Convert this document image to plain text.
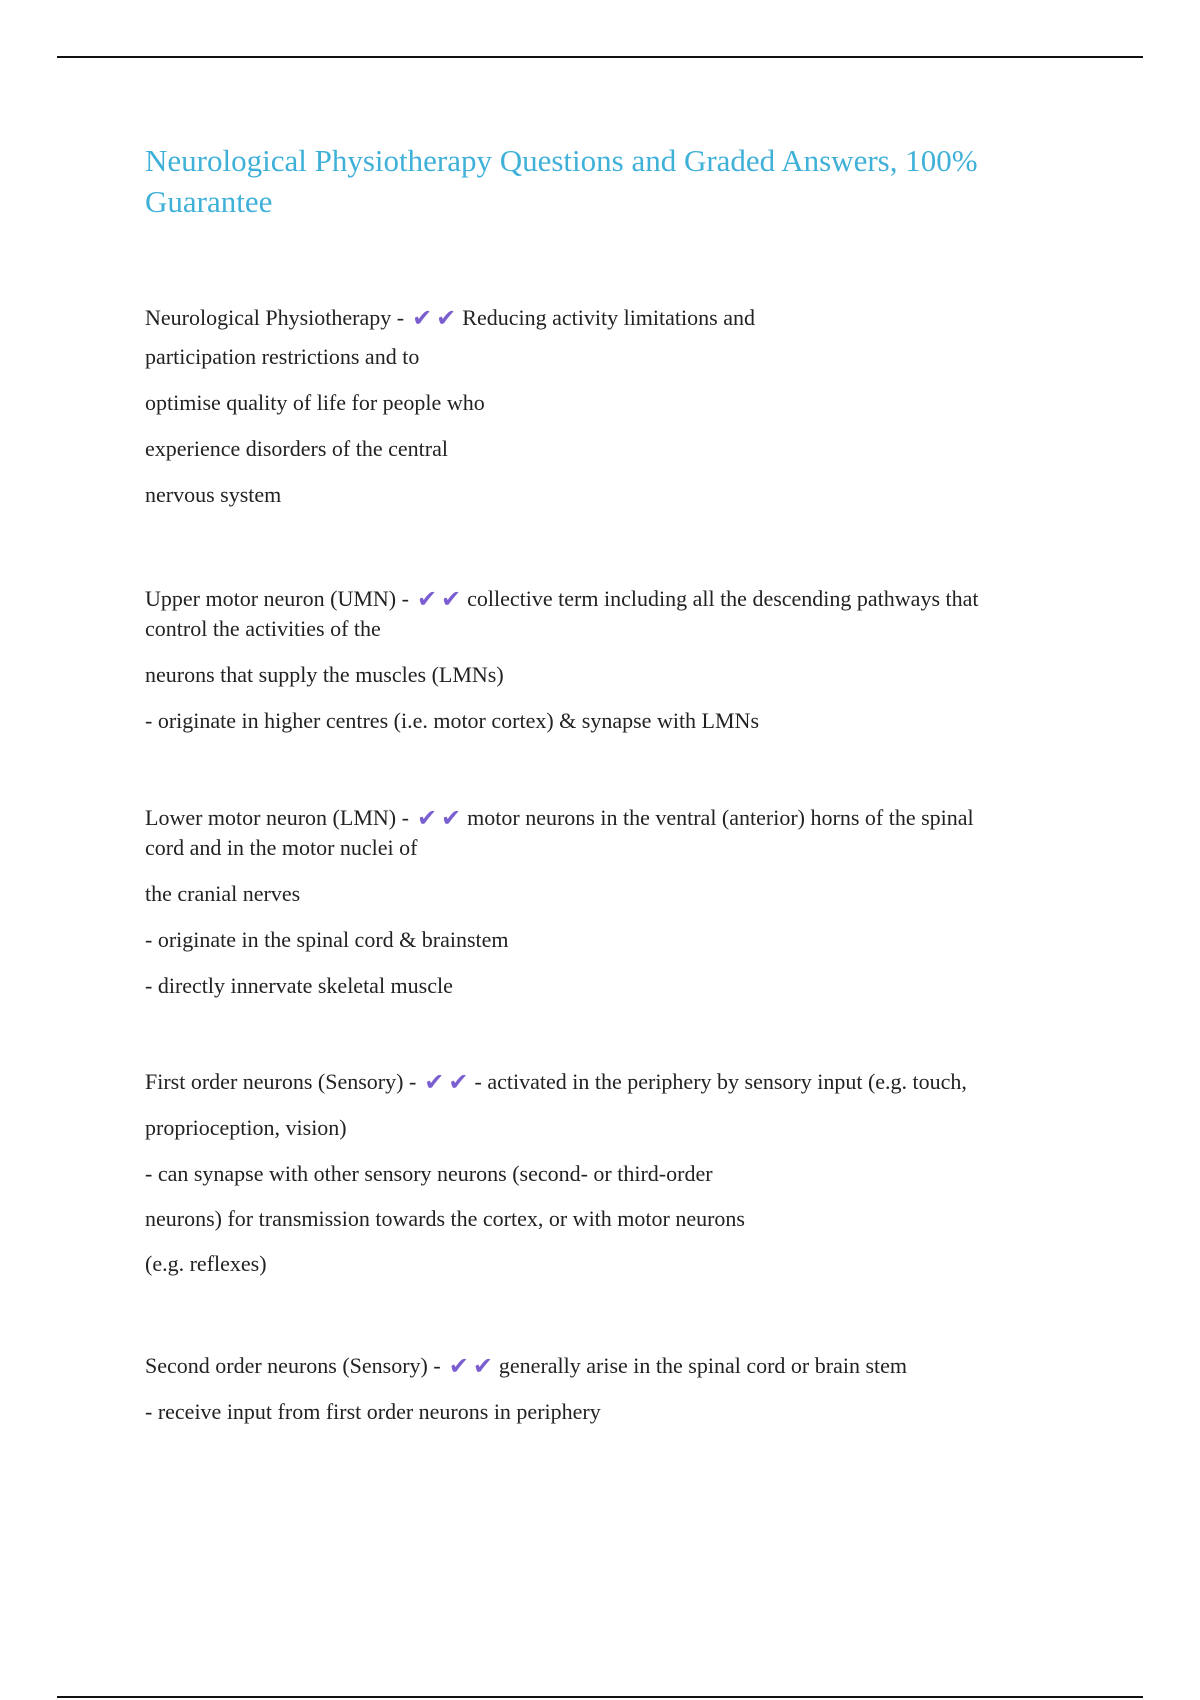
Neurological Physiotherapy Questions and Graded Answers, 100% Guarantee

Neurological Physiotherapy - ✔ ✔ Reducing activity limitations and

participation restrictions and to

optimise quality of life for people who

experience disorders of the central

nervous system

Upper motor neuron (UMN) - ✔ ✔ collective term including all the descending pathways that

control the activities of the

neurons that supply the muscles (LMNs)

- originate in higher centres (i.e. motor cortex) & synapse with LMNs

Lower motor neuron (LMN) - ✔ ✔ motor neurons in the ventral (anterior) horns of the spinal

cord and in the motor nuclei of

the cranial nerves

- originate in the spinal cord & brainstem

- directly innervate skeletal muscle

First order neurons (Sensory) - ✔ ✔ - activated in the periphery by sensory input (e.g. touch,

proprioception, vision)

- can synapse with other sensory neurons (second- or third-order

neurons) for transmission towards the cortex, or with motor neurons

(e.g. reflexes)

Second order neurons (Sensory) - ✔ ✔ generally arise in the spinal cord or brain stem

- receive input from first order neurons in periphery
